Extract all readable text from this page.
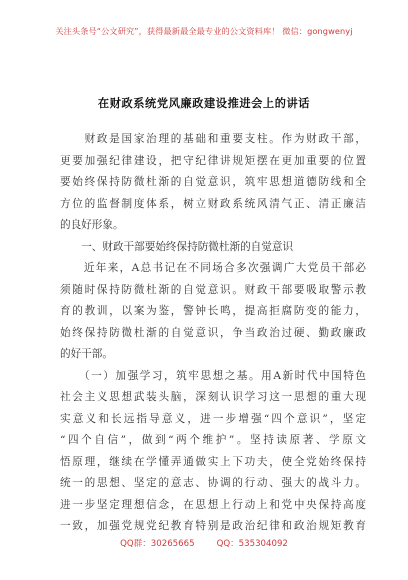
关注头条号“公文研究”，获得最新最全最专业的公文资料库！ 微信：gongwenyj
在财政系统党风廉政建设推进会上的讲话
　　财政是国家治理的基础和重要支柱。作为财政干部，
更要加强纪律建设，把守纪律讲规矩摆在更加重要的位置
要始终保持防微杜渐的自觉意识，筑牢思想道德防线和全
方位的监督制度体系，树立财政系统风清气正、清正廉洁
的良好形象。
　　一、财政干部要始终保持防微杜渐的自觉意识
　　近年来，A总书记在不同场合多次强调广大党员干部必
须随时保持防微杜渐的自觉意识。财政干部要吸取警示教
育的教训，以案为鉴，警钟长鸣，提高拒腐防变的能力，
始终保持防微杜渐的自觉意识，争当政治过硬、勤政廉政
的好干部。
　　（一）加强学习，筑牢思想之基。用A新时代中国特色
社会主义思想武装头脑，深刻认识学习这一思想的重大现
实意义和长远指导意义，进一步增强“四个意识”，坚定
“四个自信”，做到“两个维护”。坚持读原著、学原文
悟原理，继续在学懂弄通做实上下功夫，使全党始终保持
统一的思想、坚定的意志、协调的行动、强大的战斗力。
进一步坚定理想信念，在思想上行动上和党中央保持高度
一致，加强党规党纪教育特别是政治纪律和政治规矩教育
QQ群：30265665	QQ：535304092
